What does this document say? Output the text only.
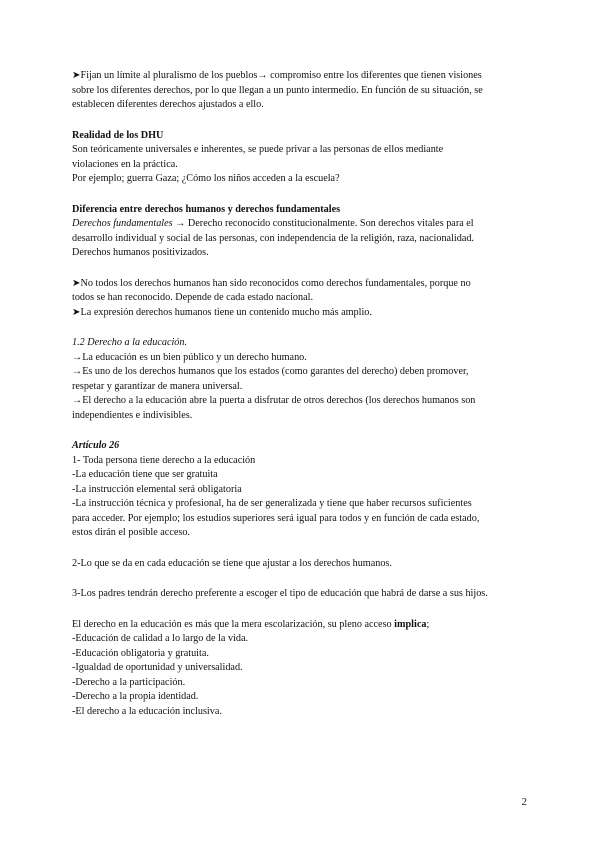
➤Fijan un límite al pluralismo de los pueblos→ compromiso entre los diferentes que tienen visiones

sobre los diferentes derechos, por lo que llegan a un punto intermedio. En función de su situación, se

establecen diferentes derechos ajustados a ello.

Realidad de los DHU

Son teóricamente universales e inherentes, se puede privar a las personas de ellos mediante

violaciones en la práctica.

Por ejemplo; guerra Gaza; ¿Cómo los niños acceden a la escuela?

Diferencia entre derechos humanos y derechos fundamentales

Derechos fundamentales → Derecho reconocido constitucionalmente. Son derechos vitales para el

desarrollo individual y social de las personas, con independencia de la religión, raza, nacionalidad.

Derechos humanos positivizados.

➤No todos los derechos humanos han sido reconocidos como derechos fundamentales, porque no

todos se han reconocido. Depende de cada estado nacional.

➤La expresión derechos humanos tiene un contenido mucho más amplio.

1.2 Derecho a la educación.

→La educación es un bien público y un derecho humano.

→Es uno de los derechos humanos que los estados (como garantes del derecho) deben promover,

respetar y garantizar de manera universal.

→El derecho a la educación abre la puerta a disfrutar de otros derechos (los derechos humanos son

independientes e indivisibles.

Artículo 26

1- Toda persona tiene derecho a la educación

-La educación tiene que ser gratuita

-La instrucción elemental será obligatoria

-La instrucción técnica y profesional, ha de ser generalizada y tiene que haber recursos suficientes

para acceder. Por ejemplo; los estudios superiores será igual para todos y en función de cada estado,

estos dirán el posible acceso.

2-Lo que se da en cada educación se tiene que ajustar a los derechos humanos.

3-Los padres tendrán derecho preferente a escoger el tipo de educación que habrá de darse a sus hijos.

El derecho en la educación es más que la mera escolarización, su pleno acceso implica;

-Educación de calidad a lo largo de la vida.

-Educación obligatoria y gratuita.

-Igualdad de oportunidad y universalidad.

-Derecho a la participación.

-Derecho a la propia identidad.

-El derecho a la educación inclusiva.

2
